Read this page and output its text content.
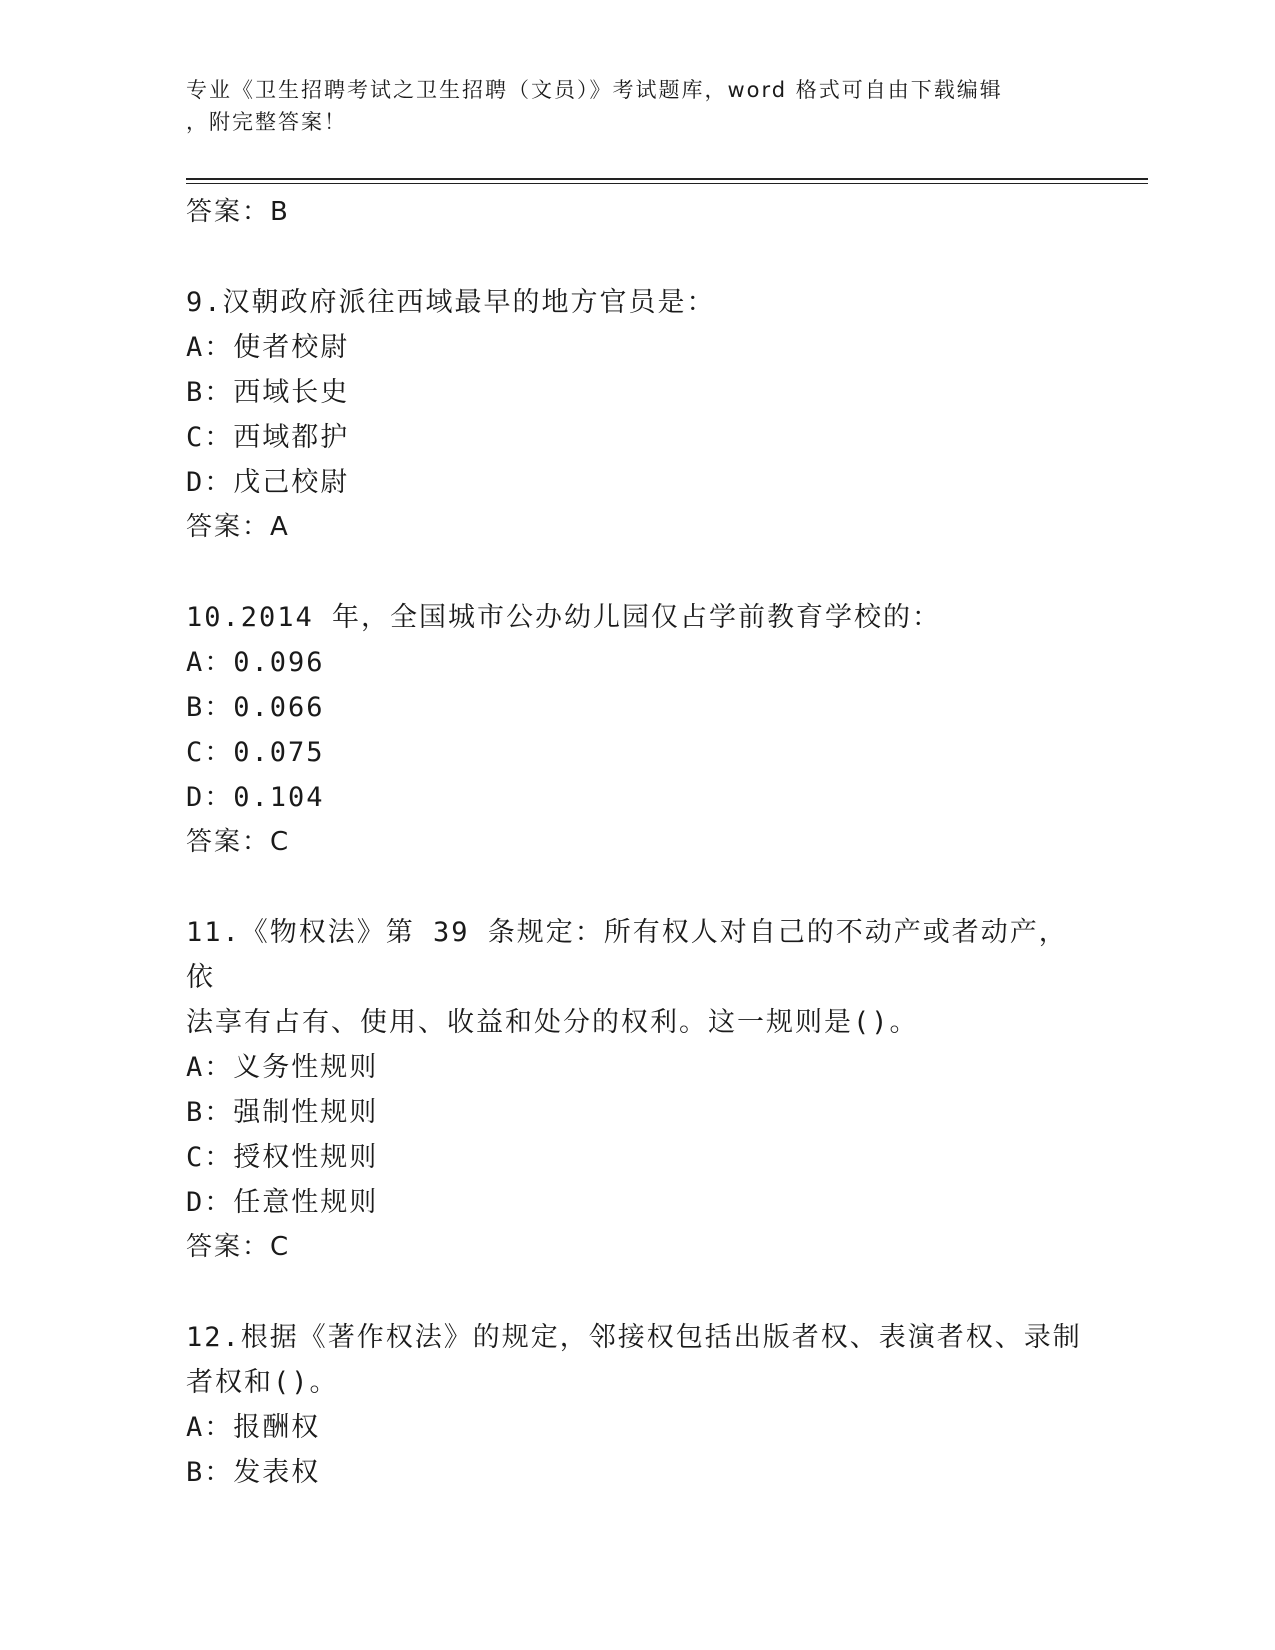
专业《卫生招聘考试之卫生招聘（文员）》考试题库，word 格式可自由下载编辑
，附完整答案！
答案：B
9.汉朝政府派往西域最早的地方官员是：
A：使者校尉
B：西域长史
C：西域都护
D：戊己校尉
答案：A
10.2014 年，全国城市公办幼儿园仅占学前教育学校的：
A：0.096
B：0.066
C：0.075
D：0.104
答案：C
11.《物权法》第 39 条规定：所有权人对自己的不动产或者动产，依
法享有占有、使用、收益和处分的权利。这一规则是()。
A：义务性规则
B：强制性规则
C：授权性规则
D：任意性规则
答案：C
12.根据《著作权法》的规定，邻接权包括出版者权、表演者权、录制
者权和()。
A：报酬权
B：发表权
